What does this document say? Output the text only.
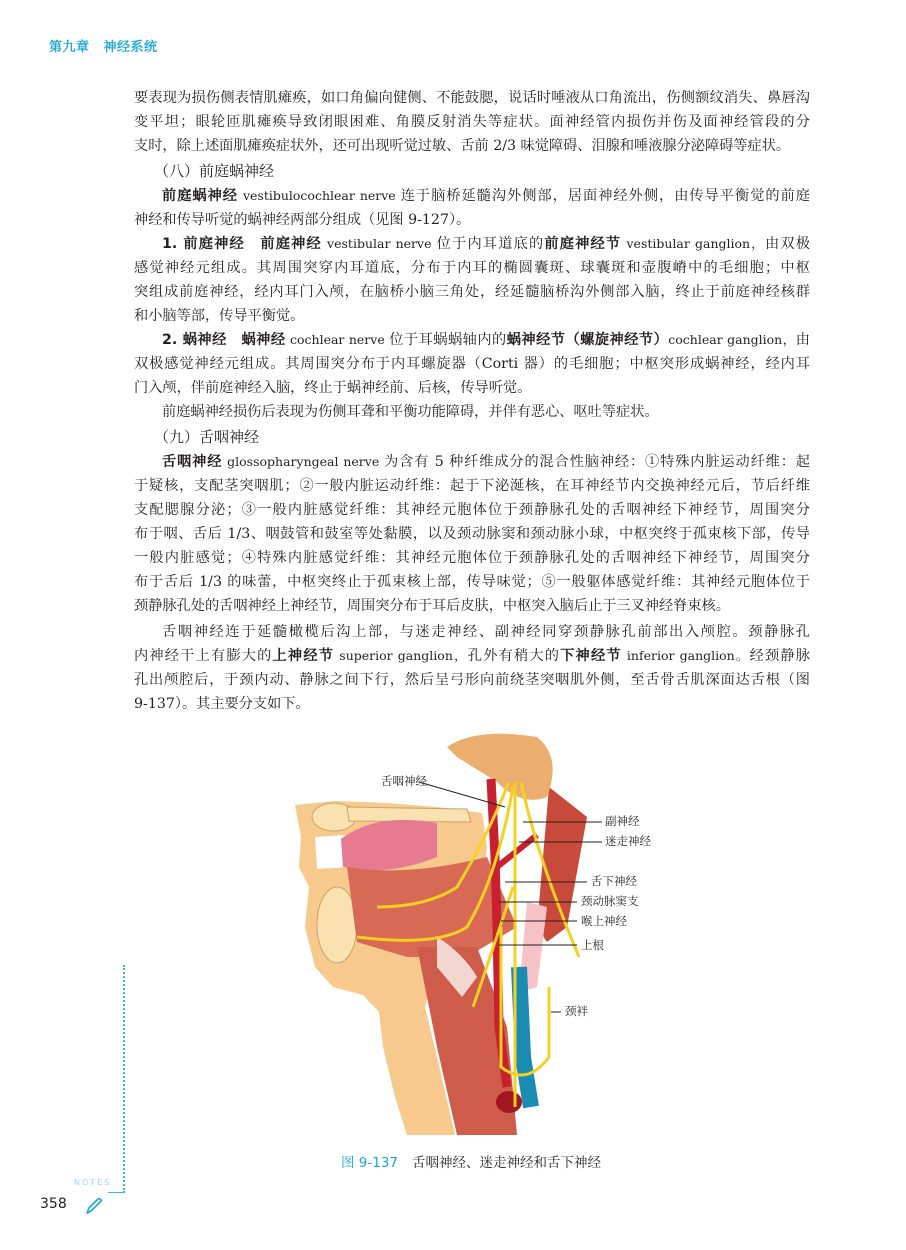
第九章 神经系统
要表现为损伤侧表情肌瘫痪，如口角偏向健侧、不能鼓腮，说话时唾液从口角流出，伤侧额纹消失、鼻唇沟
变平坦；眼轮匝肌瘫痪导致闭眼困难、角膜反射消失等症状。面神经管内损伤并伤及面神经管段的分
支时，除上述面肌瘫痪症状外，还可出现听觉过敏、舌前 2/3 味觉障碍、泪腺和唾液腺分泌障碍等症状。
（八）前庭蜗神经
前庭蜗神经 vestibulocochlear nerve 连于脑桥延髓沟外侧部，居面神经外侧，由传导平衡觉的前庭
神经和传导听觉的蜗神经两部分组成（见图 9-127）。
1. 前庭神经　 前庭神经 vestibular nerve 位于内耳道底的前庭神经节 vestibular ganglion，由双极
感觉神经元组成。其周围突穿内耳道底，分布于内耳的椭圆囊斑、球囊斑和壶腹嵴中的毛细胞；中枢
突组成前庭神经，经内耳门入颅，在脑桥小脑三角处，经延髓脑桥沟外侧部入脑，终止于前庭神经核群
和小脑等部，传导平衡觉。
2. 蜗神经　 蜗神经 cochlear nerve 位于耳蜗蜗轴内的蜗神经节（螺旋神经节）cochlear ganglion，由
双极感觉神经元组成。其周围突分布于内耳螺旋器（Corti 器）的毛细胞；中枢突形成蜗神经，经内耳
门入颅，伴前庭神经入脑，终止于蜗神经前、后核，传导听觉。
前庭蜗神经损伤后表现为伤侧耳聋和平衡功能障碍，并伴有恶心、呕吐等症状。
（九）舌咽神经
舌咽神经 glossopharyngeal nerve 为含有 5 种纤维成分的混合性脑神经：①特殊内脏运动纤维：起
于疑核，支配茎突咽肌；②一般内脏运动纤维：起于下泌涎核，在耳神经节内交换神经元后，节后纤维
支配腮腺分泌；③一般内脏感觉纤维：其神经元胞体位于颈静脉孔处的舌咽神经下神经节，周围突分
布于咽、舌后 1/3、咽鼓管和鼓室等处黏膜，以及颈动脉窦和颈动脉小球，中枢突终于孤束核下部，传导
一般内脏感觉；④特殊内脏感觉纤维：其神经元胞体位于颈静脉孔处的舌咽神经下神经节，周围突分
布于舌后 1/3 的味蕾，中枢突终止于孤束核上部，传导味觉；⑤一般躯体感觉纤维：其神经元胞体位于
颈静脉孔处的舌咽神经上神经节，周围突分布于耳后皮肤，中枢突入脑后止于三叉神经脊束核。
舌咽神经连于延髓橄榄后沟上部，与迷走神经、副神经同穿颈静脉孔前部出入颅腔。颈静脉孔
内神经干上有膨大的上神经节 superior ganglion，孔外有稍大的下神经节 inferior ganglion。经颈静脉
孔出颅腔后，于颈内动、静脉之间下行，然后呈弓形向前绕茎突咽肌外侧，至舌骨舌肌深面达舌根（图
9-137）。其主要分支如下。
舌咽神经
副神经
迷走神经
舌下神经
颈动脉窦支
喉上神经
上根
颈袢
图 9-137 舌咽神经、迷走神经和舌下神经
NOTES
358
